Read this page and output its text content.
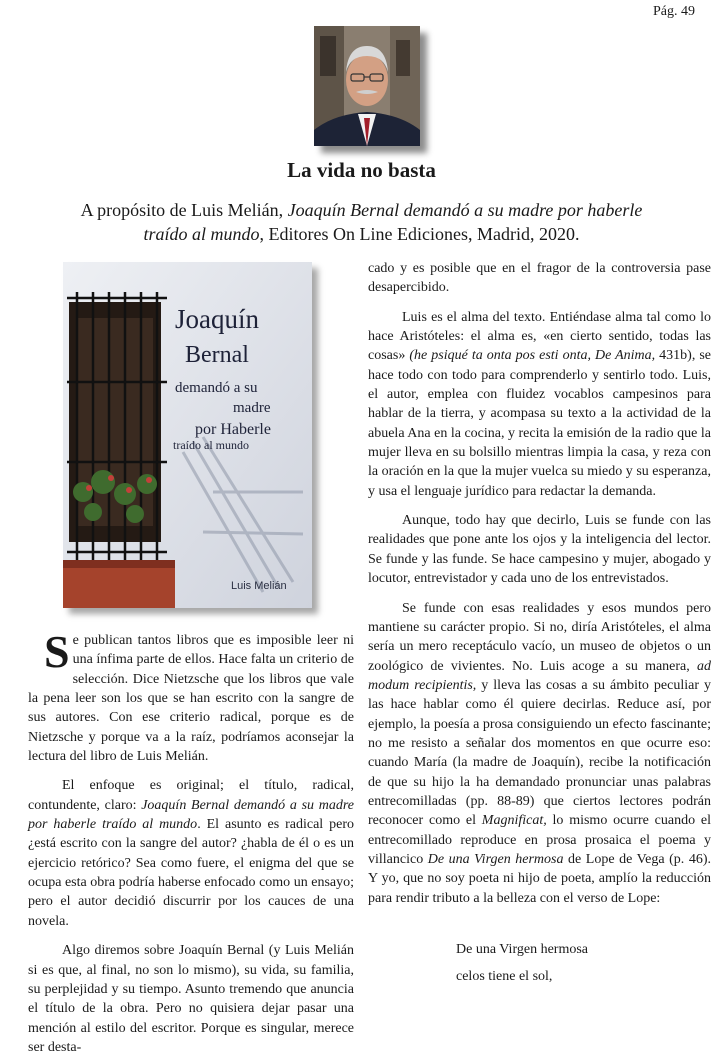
Pág. 49
La vida no basta

A propósito de Luis Melián, Joaquín Bernal demandó a su madre por haberle traído al mundo, Editores On Line Ediciones, Madrid, 2020.

Joaquín
Bernal
demandó a su
madre
por Haberle
traído al mundo
Luis Melián

Se publican tantos libros que es imposible leer ni una ínfima parte de ellos. Hace falta un criterio de selección. Dice Nietzsche que los libros que vale la pena leer son los que se han escrito con la sangre de sus autores. Con ese criterio radical, porque es de Nietzsche y porque va a la raíz, podríamos aconsejar la lectura del libro de Luis Melián.

El enfoque es original; el título, radical, contundente, claro: Joaquín Bernal demandó a su madre por haberle traído al mundo. El asunto es radical pero ¿está escrito con la sangre del autor? ¿habla de él o es un ejercicio retórico? Sea como fuere, el enigma del que se ocupa esta obra podría haberse enfocado como un ensayo; pero el autor decidió discurrir por los cauces de una novela.

Algo diremos sobre Joaquín Bernal (y Luis Melián si es que, al final, no son lo mismo), su vida, su familia, su perplejidad y su tiempo. Asunto tremendo que anuncia el título de la obra. Pero no quisiera dejar pasar una mención al estilo del escritor. Porque es singular, merece ser desta-

cado y es posible que en el fragor de la controversia pase desapercibido.

Luis es el alma del texto. Entiéndase alma tal como lo hace Aristóteles: el alma es, «en cierto sentido, todas las cosas» (he psiqué ta onta pos esti onta, De Anima, 431b), se hace todo con todo para comprenderlo y sentirlo todo. Luis, el autor, emplea con fluidez vocablos campesinos para hablar de la tierra, y acompasa su texto a la actividad de la abuela Ana en la cocina, y recita la emisión de la radio que la mujer lleva en su bolsillo mientras limpia la casa, y reza con la oración en la que la mujer vuelca su miedo y su esperanza, y usa el lenguaje jurídico para redactar la demanda.

Aunque, todo hay que decirlo, Luis se funde con las realidades que pone ante los ojos y la inteligencia del lector. Se funde y las funde. Se hace campesino y mujer, abogado y locutor, entrevistador y cada uno de los entrevistados.

Se funde con esas realidades y esos mundos pero mantiene su carácter propio. Si no, diría Aristóteles, el alma sería un mero receptáculo vacío, un museo de objetos o un zoológico de vivientes. No. Luis acoge a su manera, ad modum recipientis, y lleva las cosas a su ámbito peculiar y las hace hablar como él quiere decirlas. Reduce así, por ejemplo, la poesía a prosa consiguiendo un efecto fascinante; no me resisto a señalar dos momentos en que ocurre eso: cuando María (la madre de Joaquín), recibe la notificación de que su hijo la ha demandado pronunciar unas palabras entrecomilladas (pp. 88-89) que ciertos lectores podrán reconocer como el Magnificat, lo mismo ocurre cuando el entrecomillado reproduce en prosa prosaica el poema y villancico De una Virgen hermosa de Lope de Vega (p. 46). Y yo, que no soy poeta ni hijo de poeta, amplío la reducción para rendir tributo a la belleza con el verso de Lope:

De una Virgen hermosa
celos tiene el sol,
